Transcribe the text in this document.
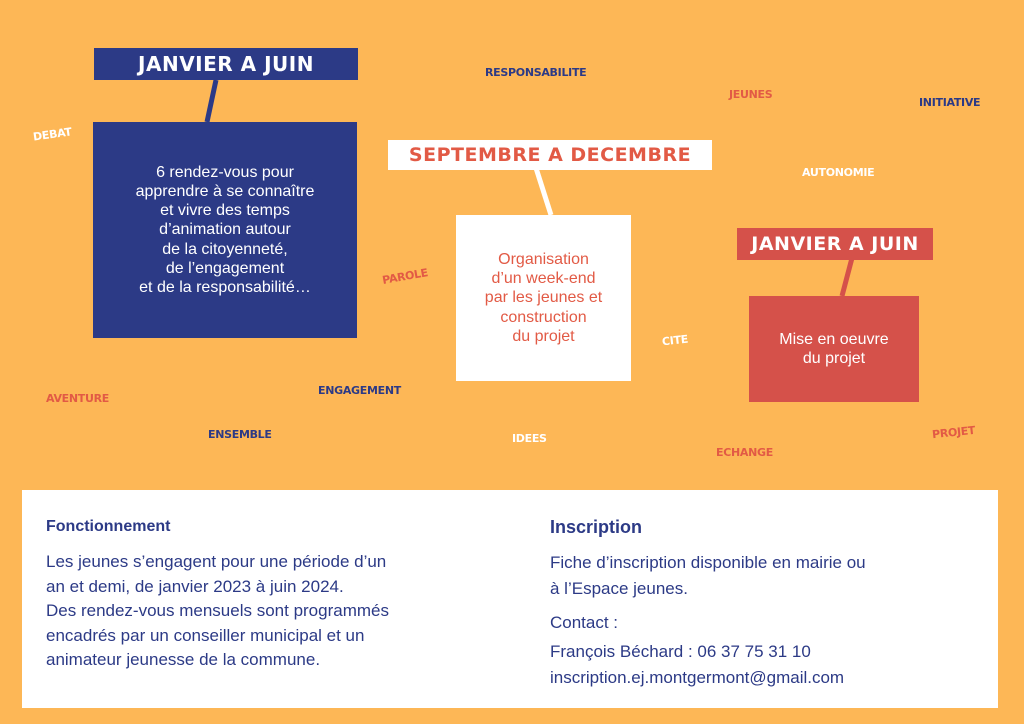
JANVIER A JUIN
6 rendez-vous pour
apprendre à se connaître
et vivre des temps
d’animation autour
de la citoyenneté,
de l’engagement
et de la responsabilité…
SEPTEMBRE A DECEMBRE
Organisation
d’un week-end
par les jeunes et
construction
du projet
JANVIER A JUIN
Mise en oeuvre
du projet
RESPONSABILITE
JEUNES
INITIATIVE
DEBAT
AUTONOMIE
PAROLE
CITE
ENGAGEMENT
AVENTURE
ENSEMBLE	IDEES
ECHANGE
PROJET
Fonctionnement
Les jeunes s’engagent pour une période d’un
an et demi, de janvier 2023 à juin 2024.
Des rendez-vous mensuels sont programmés
encadrés par un conseiller municipal et un
animateur jeunesse de la commune.
Inscription
Fiche d’inscription disponible en mairie ou
à l’Espace jeunes.
Contact :
François Béchard : 06 37 75 31 10
inscription.ej.montgermont@gmail.com
